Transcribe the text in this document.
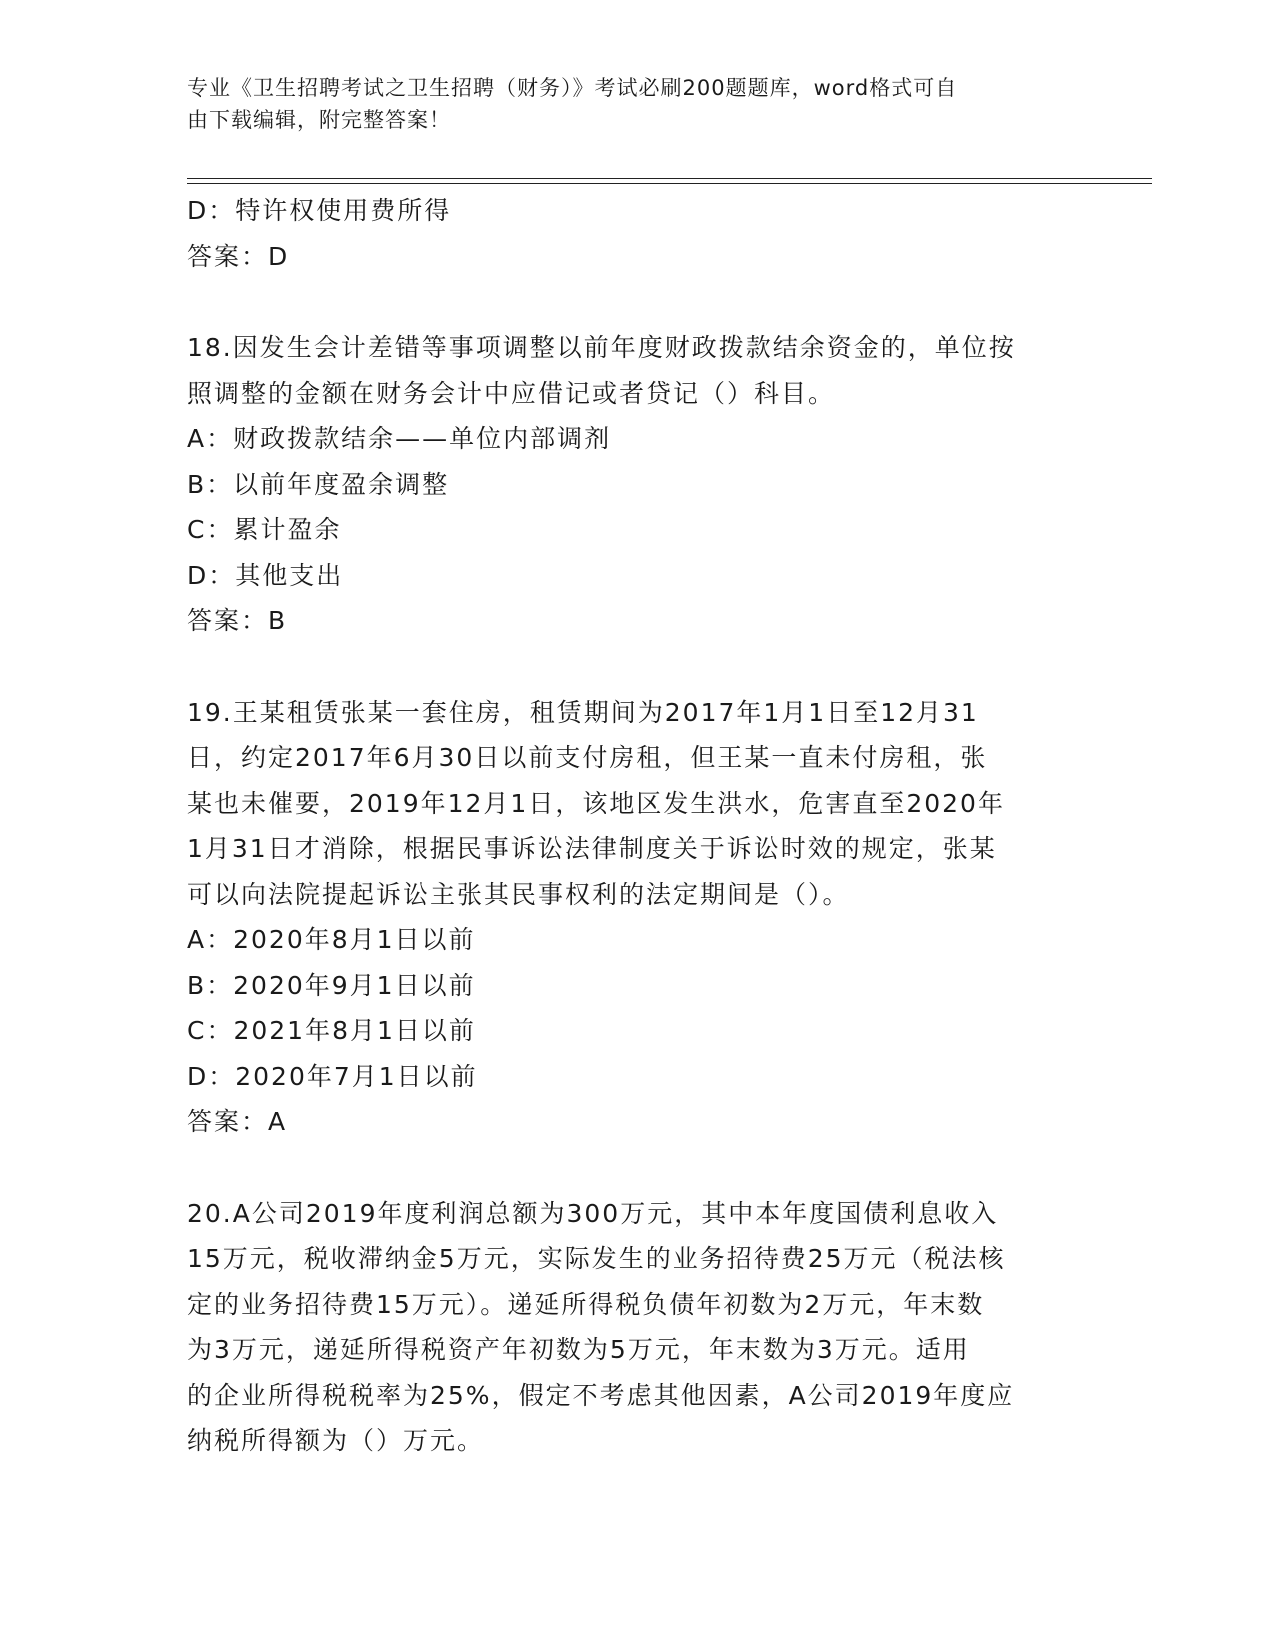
专业《卫生招聘考试之卫生招聘（财务）》考试必刷200题题库，word格式可自
由下载编辑，附完整答案！
D：特许权使用费所得
答案：D
18.因发生会计差错等事项调整以前年度财政拨款结余资金的，单位按
照调整的金额在财务会计中应借记或者贷记（）科目。
A：财政拨款结余——单位内部调剂
B：以前年度盈余调整
C：累计盈余
D：其他支出
答案：B
19.王某租赁张某一套住房，租赁期间为2017年1月1日至12月31
日，约定2017年6月30日以前支付房租，但王某一直未付房租，张
某也未催要，2019年12月1日，该地区发生洪水，危害直至2020年
1月31日才消除，根据民事诉讼法律制度关于诉讼时效的规定，张某
可以向法院提起诉讼主张其民事权利的法定期间是（）。
A：2020年8月1日以前
B：2020年9月1日以前
C：2021年8月1日以前
D：2020年7月1日以前
答案：A
20.A公司2019年度利润总额为300万元，其中本年度国债利息收入
15万元，税收滞纳金5万元，实际发生的业务招待费25万元（税法核
定的业务招待费15万元）。递延所得税负债年初数为2万元，年末数
为3万元，递延所得税资产年初数为5万元，年末数为3万元。适用
的企业所得税税率为25%，假定不考虑其他因素，A公司2019年度应
纳税所得额为（）万元。
